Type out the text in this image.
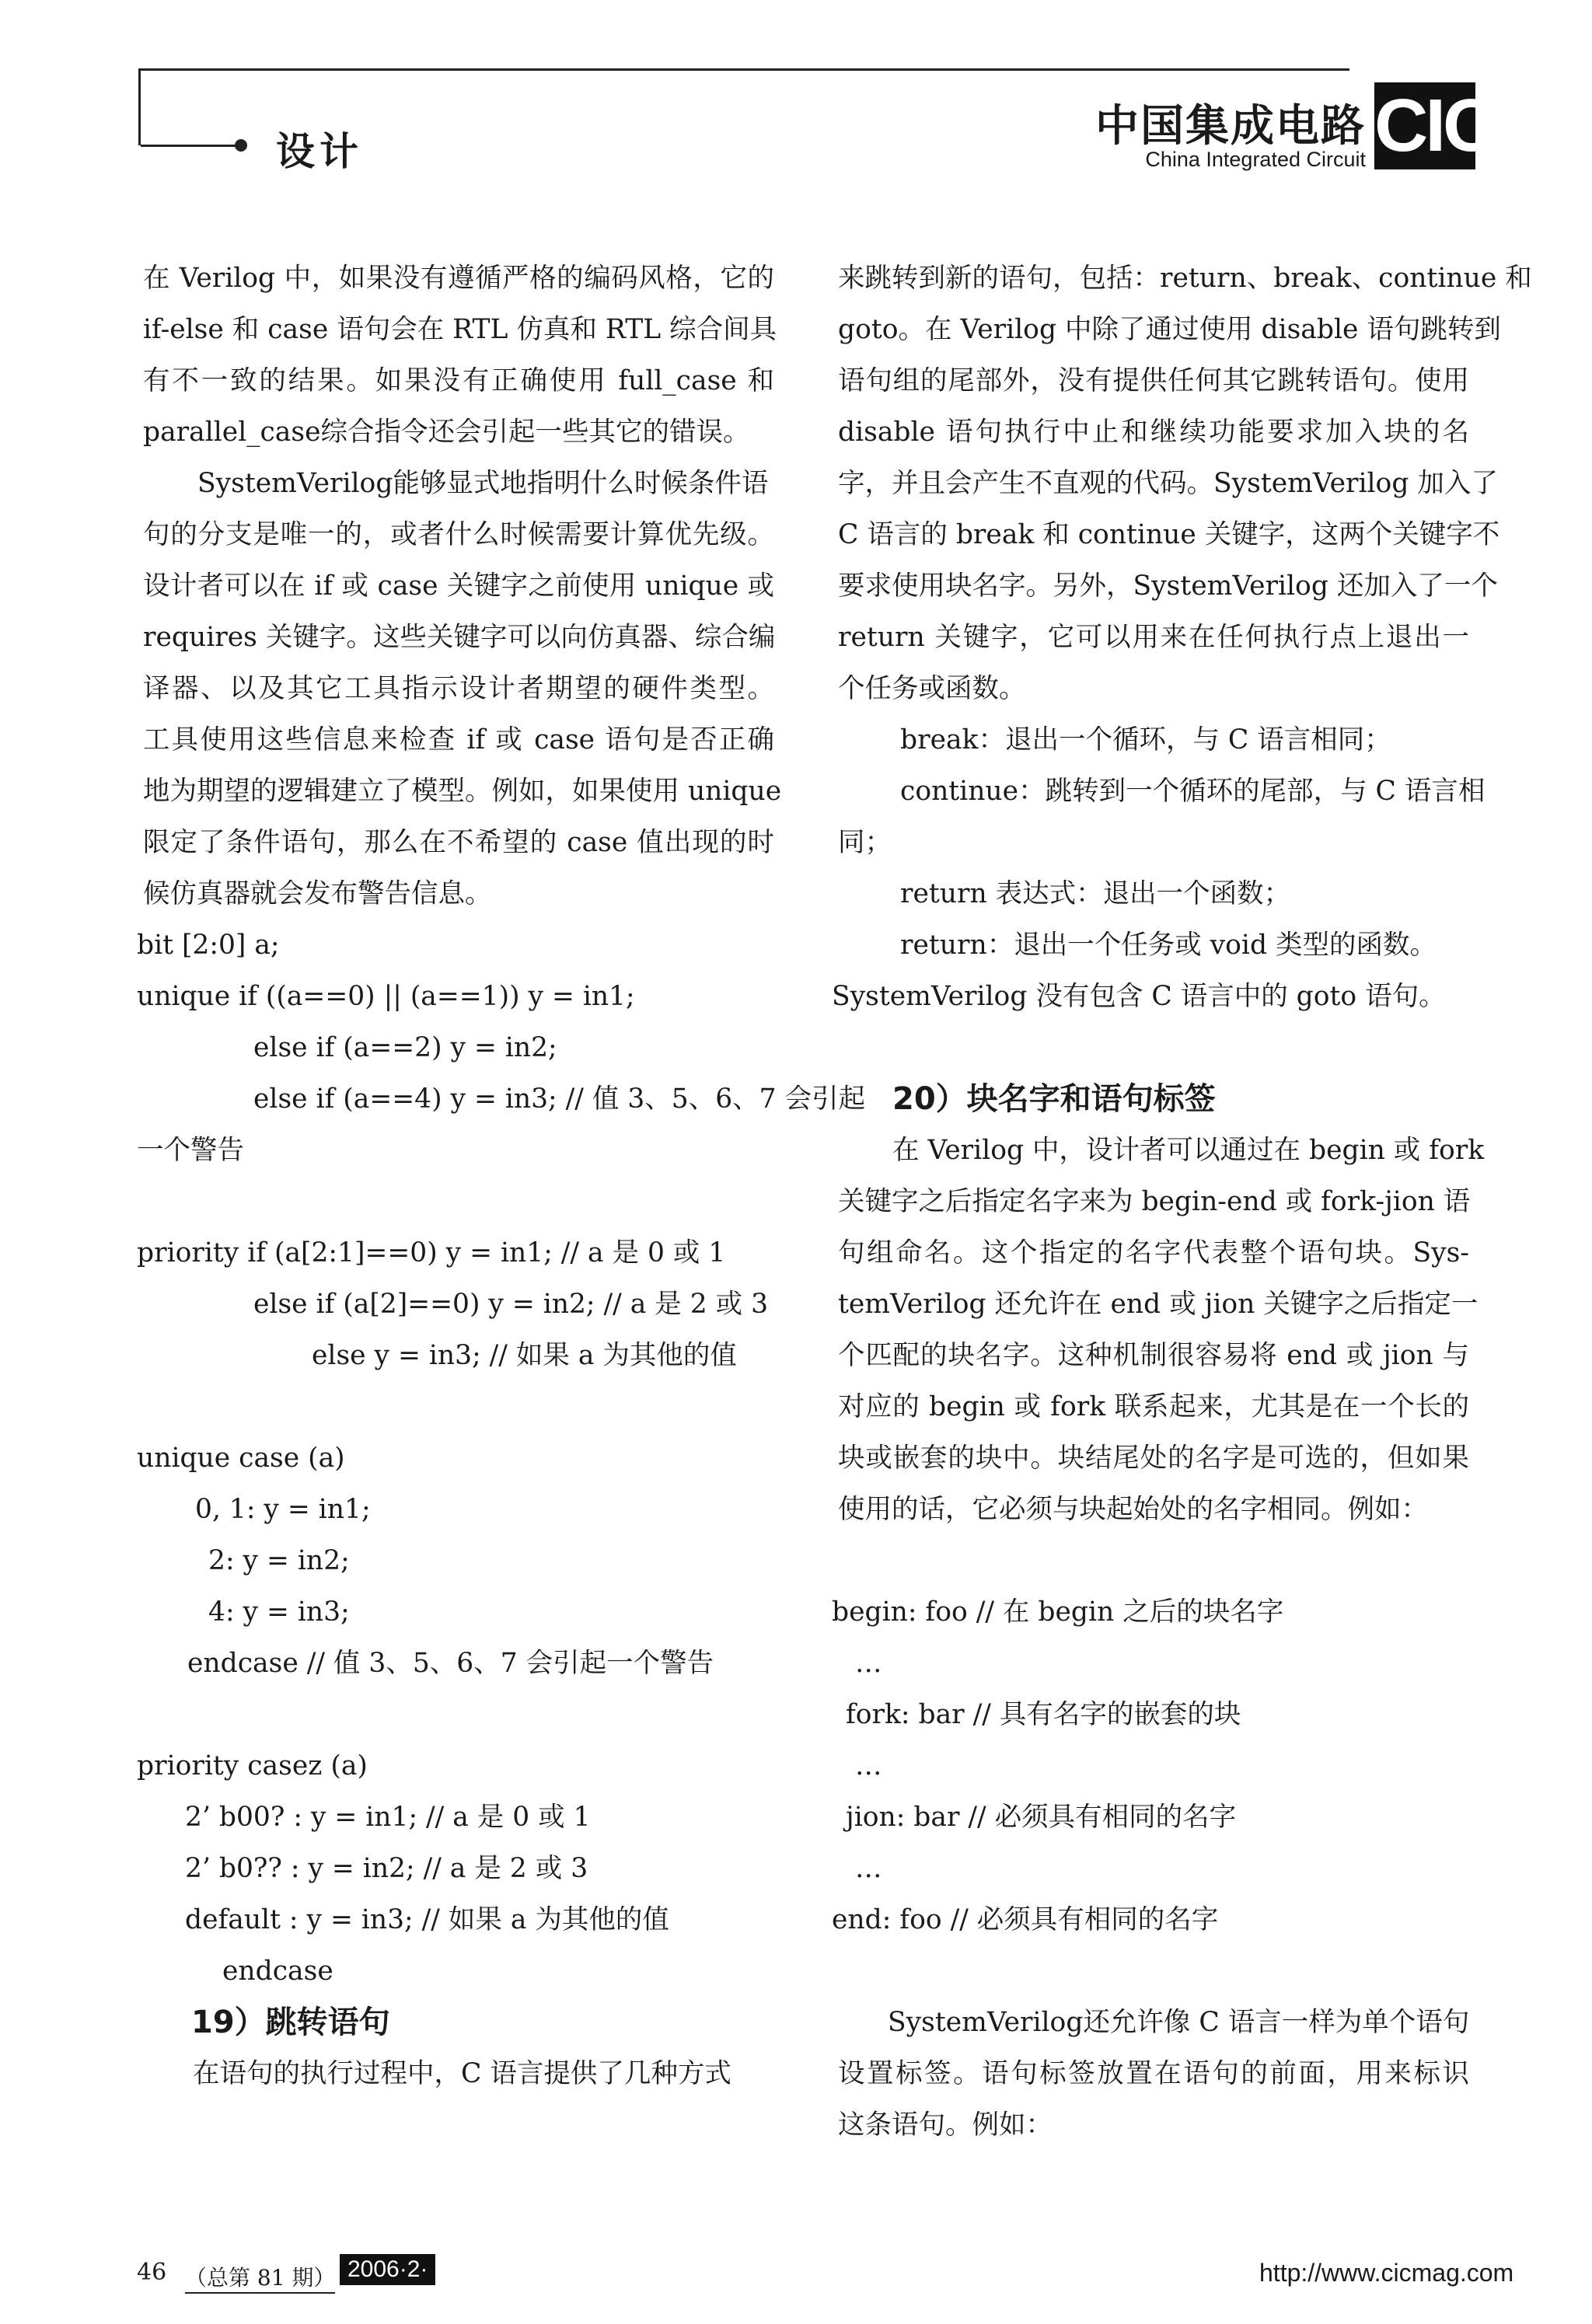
设计	中国集成电路
China Integrated Circuit CIC
在 Verilog 中，如果没有遵循严格的编码风格，它的
if-else 和 case 语句会在 RTL 仿真和 RTL 综合间具
有不一致的结果。如果没有正确使用 full_case 和
parallel_case综合指令还会引起一些其它的错误。
SystemVerilog能够显式地指明什么时候条件语
句的分支是唯一的，或者什么时候需要计算优先级。
设计者可以在 if 或 case 关键字之前使用 unique 或
requires 关键字。这些关键字可以向仿真器、综合编
译器、以及其它工具指示设计者期望的硬件类型。
工具使用这些信息来检查 if 或 case 语句是否正确
地为期望的逻辑建立了模型。例如，如果使用 unique
限定了条件语句，那么在不希望的 case 值出现的时
候仿真器就会发布警告信息。
bit [2:0] a;
unique if ((a==0) || (a==1)) y = in1;
else if (a==2) y = in2;
else if (a==4) y = in3; // 值 3、5、6、7 会引起
一个警告
priority if (a[2:1]==0) y = in1; // a 是 0 或 1
else if (a[2]==0) y = in2; // a 是 2 或 3
else y = in3; // 如果 a 为其他的值
unique case (a)
0, 1: y = in1;
2: y = in2;
4: y = in3;
endcase // 值 3、5、6、7 会引起一个警告
priority casez (a)
2’ b00? : y = in1; // a 是 0 或 1
2’ b0?? : y = in2; // a 是 2 或 3
default : y = in3; // 如果 a 为其他的值
endcase
19）跳转语句
在语句的执行过程中，C 语言提供了几种方式
来跳转到新的语句，包括：return、break、continue 和
goto。在 Verilog 中除了通过使用 disable 语句跳转到
语句组的尾部外，没有提供任何其它跳转语句。使用
disable 语句执行中止和继续功能要求加入块的名
字，并且会产生不直观的代码。SystemVerilog 加入了
C 语言的 break 和 continue 关键字，这两个关键字不
要求使用块名字。另外，SystemVerilog 还加入了一个
return 关键字，它可以用来在任何执行点上退出一
个任务或函数。
break：退出一个循环，与 C 语言相同；
continue：跳转到一个循环的尾部，与 C 语言相
同；
return 表达式：退出一个函数；
return：退出一个任务或 void 类型的函数。
SystemVerilog 没有包含 C 语言中的 goto 语句。
20）块名字和语句标签
在 Verilog 中，设计者可以通过在 begin 或 fork
关键字之后指定名字来为 begin-end 或 fork-jion 语
句组命名。这个指定的名字代表整个语句块。Sys-
temVerilog 还允许在 end 或 jion 关键字之后指定一
个匹配的块名字。这种机制很容易将 end 或 jion 与
对应的 begin 或 fork 联系起来，尤其是在一个长的
块或嵌套的块中。块结尾处的名字是可选的，但如果
使用的话，它必须与块起始处的名字相同。例如：
begin: foo // 在 begin 之后的块名字
…
fork: bar // 具有名字的嵌套的块
…
jion: bar // 必须具有相同的名字
…
end: foo // 必须具有相同的名字
SystemVerilog还允许像 C 语言一样为单个语句
设置标签。语句标签放置在语句的前面，用来标识
这条语句。例如：
46 （总第 81 期） 2006·2·	http://www.cicmag.com
